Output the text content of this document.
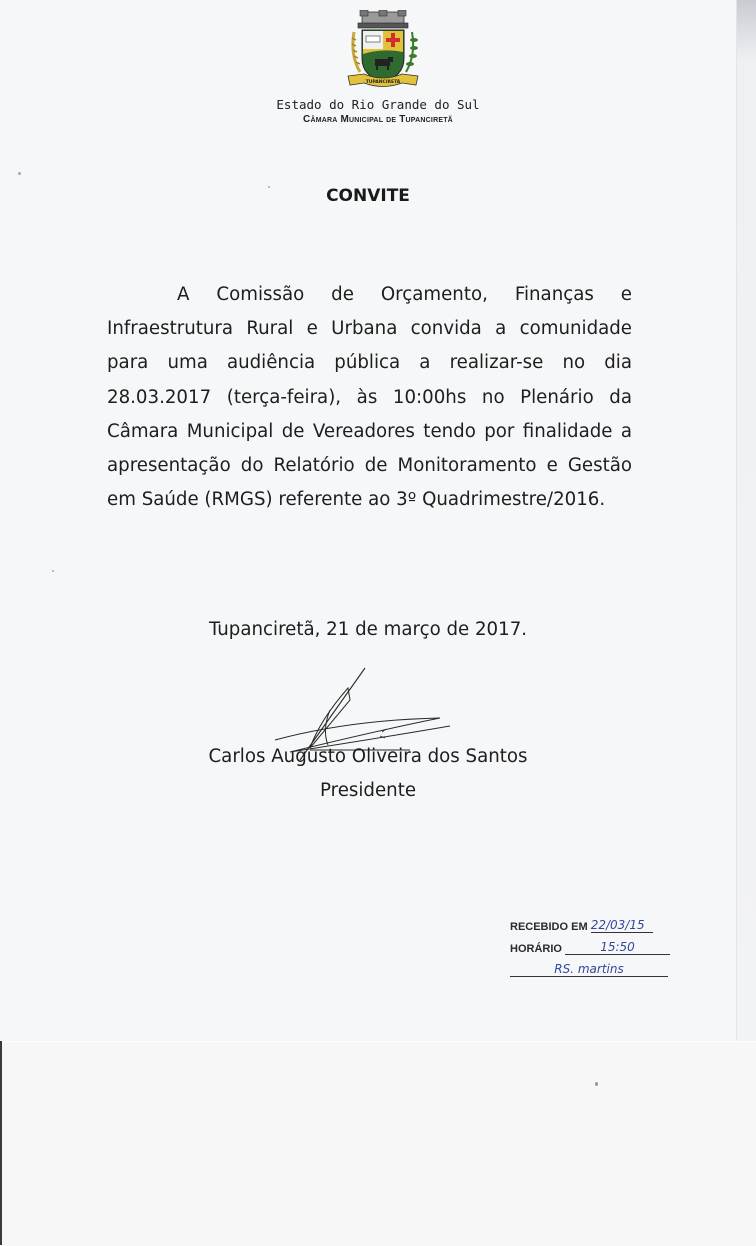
TUPANCIRETÃ
Estado do Rio Grande do Sul
Câmara Municipal de Tupanciretã
CONVITE
A Comissão de Orçamento, Finanças e Infraestrutura Rural e Urbana convida a comunidade para uma audiência pública a realizar-se no dia 28.03.2017 (terça-feira), às 10:00hs no Plenário da Câmara Municipal de Vereadores tendo por finalidade a apresentação do Relatório de Monitoramento e Gestão em Saúde (RMGS) referente ao 3º Quadrimestre/2016.
Tupanciretã, 21 de março de 2017.
Carlos Augusto Oliveira dos Santos
Presidente
RECEBIDO EM 22/03/15
HORÁRIO	15:50
RS. martins
